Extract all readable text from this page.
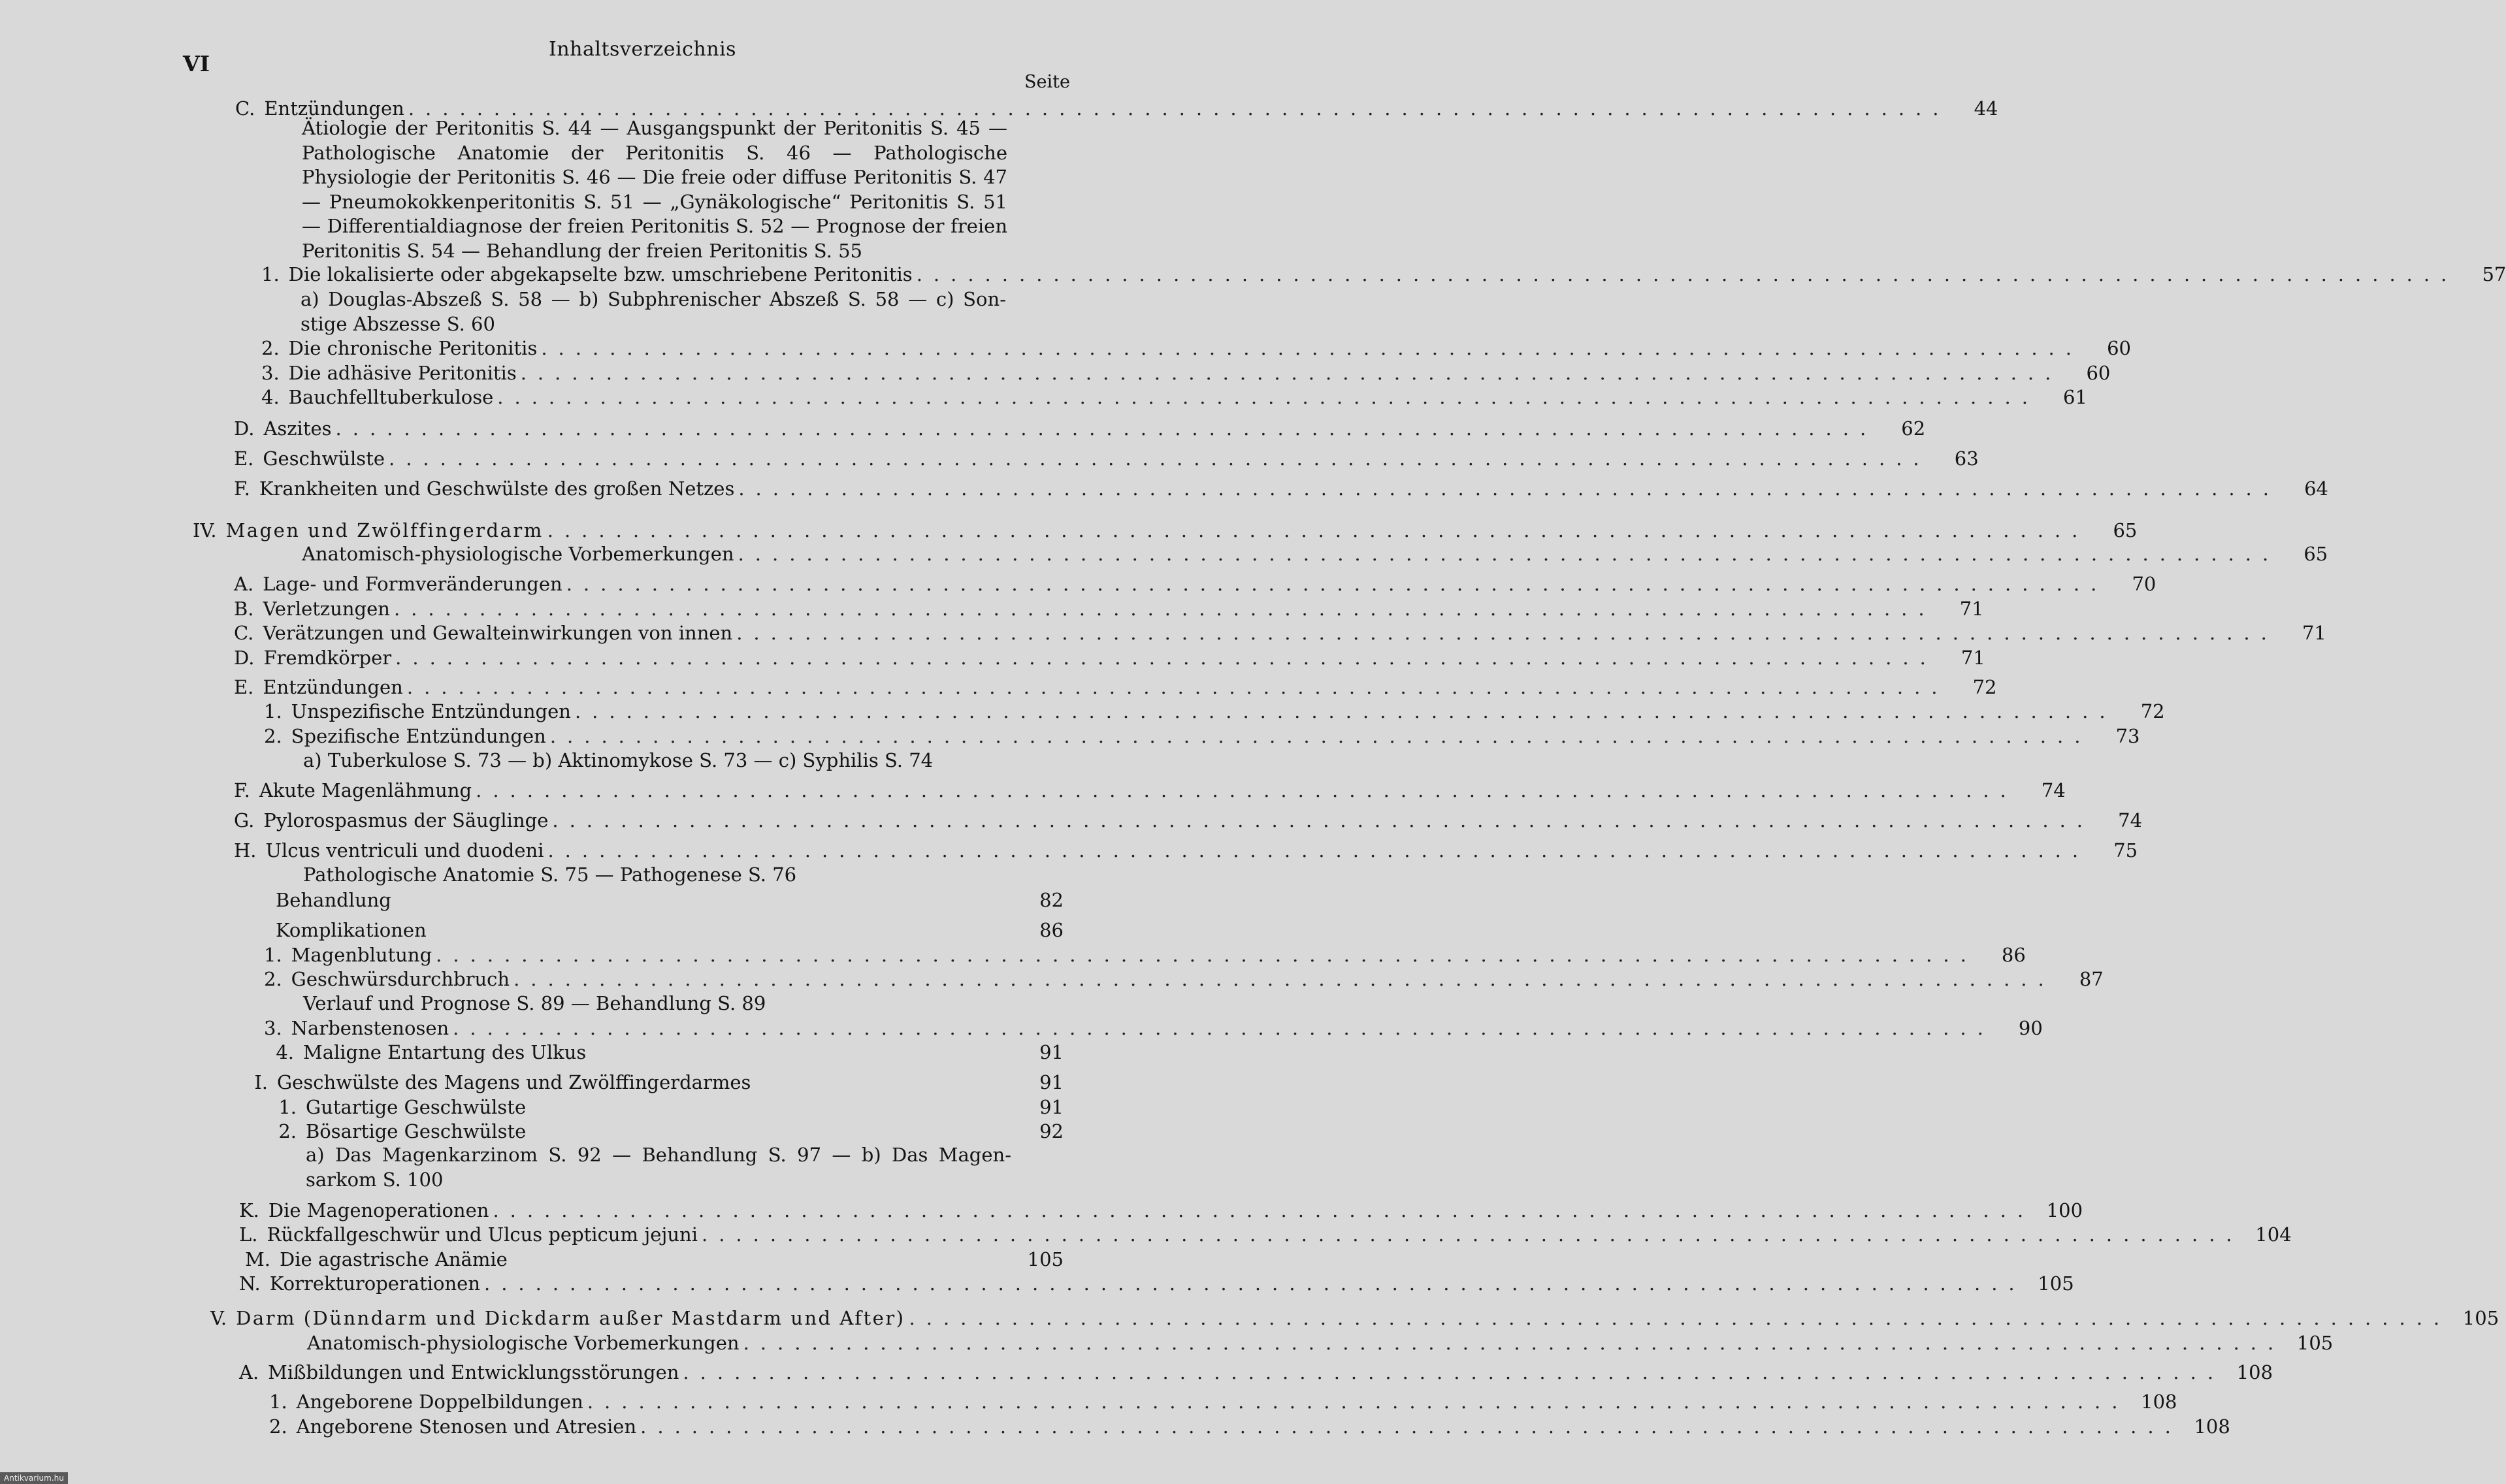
VI
Inhaltsverzeichnis
Seite
C. Entzündungen ..........................................................................................	44
Ätiologie der Peritonitis S. 44 — Ausgangspunkt der Peritonitis S. 45 — Pathologische Anatomie der Peritonitis S. 46 — Pathologische Physiologie der Peritonitis S. 46 — Die freie oder diffuse Peritonitis S. 47 — Pneumokokkenperitonitis S. 51 — „Gynäkologische“ Peritonitis S. 51 — Differentialdiagnose der freien Peritonitis S. 52 — Prognose der freien Peritonitis S. 54 — Behandlung der freien Peritonitis S. 55
1. Die lokalisierte oder abgekapselte bzw. umschriebene Peritonitis ..........................................................................................	57
a) Douglas-Abszeß S. 58 — b) Subphrenischer Abszeß S. 58 — c) Sonstige Abszesse S. 60
2. Die chronische Peritonitis ..........................................................................................	60
3. Die adhäsive Peritonitis ..........................................................................................	60
4. Bauchfelltuberkulose ..........................................................................................	61
D. Aszites ..........................................................................................	62
E. Geschwülste ..........................................................................................	63
F. Krankheiten und Geschwülste des großen Netzes ..........................................................................................	64
IV. Magen und Zwölffingerdarm ..........................................................................................	65
Anatomisch-physiologische Vorbemerkungen ..........................................................................................	65
A. Lage- und Formveränderungen ..........................................................................................	70
B. Verletzungen ..........................................................................................	71
C. Verätzungen und Gewalteinwirkungen von innen ..........................................................................................	71
D. Fremdkörper ..........................................................................................	71
E. Entzündungen ..........................................................................................	72
1. Unspezifische Entzündungen ..........................................................................................	72
2. Spezifische Entzündungen ..........................................................................................	73
a) Tuberkulose S. 73 — b) Aktinomykose S. 73 — c) Syphilis S. 74
F. Akute Magenlähmung ..........................................................................................	74
G. Pylorospasmus der Säuglinge ..........................................................................................	74
H. Ulcus ventriculi und duodeni ..........................................................................................	75
Pathologische Anatomie S. 75 — Pathogenese S. 76
Behandlung	82
Komplikationen	86
1. Magenblutung ..........................................................................................	86
2. Geschwürsdurchbruch ..........................................................................................	87
Verlauf und Prognose S. 89 — Behandlung S. 89
3. Narbenstenosen ..........................................................................................	90
4. Maligne Entartung des Ulkus	91
I. Geschwülste des Magens und Zwölffingerdarmes	91
1. Gutartige Geschwülste	91
2. Bösartige Geschwülste	92
a) Das Magenkarzinom S. 92 — Behandlung S. 97 — b) Das Magensarkom S. 100
K. Die Magenoperationen .......................................................................................... 100
L. Rückfallgeschwür und Ulcus pepticum jejuni .......................................................................................... 104
M. Die agastrische Anämie	105
N. Korrekturoperationen .......................................................................................... 105
V. Darm (Dünndarm und Dickdarm außer Mastdarm und After) .......................................................................................... 105
Anatomisch-physiologische Vorbemerkungen .......................................................................................... 105
A. Mißbildungen und Entwicklungsstörungen .......................................................................................... 108
1. Angeborene Doppelbildungen .......................................................................................... 108
2. Angeborene Stenosen und Atresien .......................................................................................... 108
Antikvarium.hu
